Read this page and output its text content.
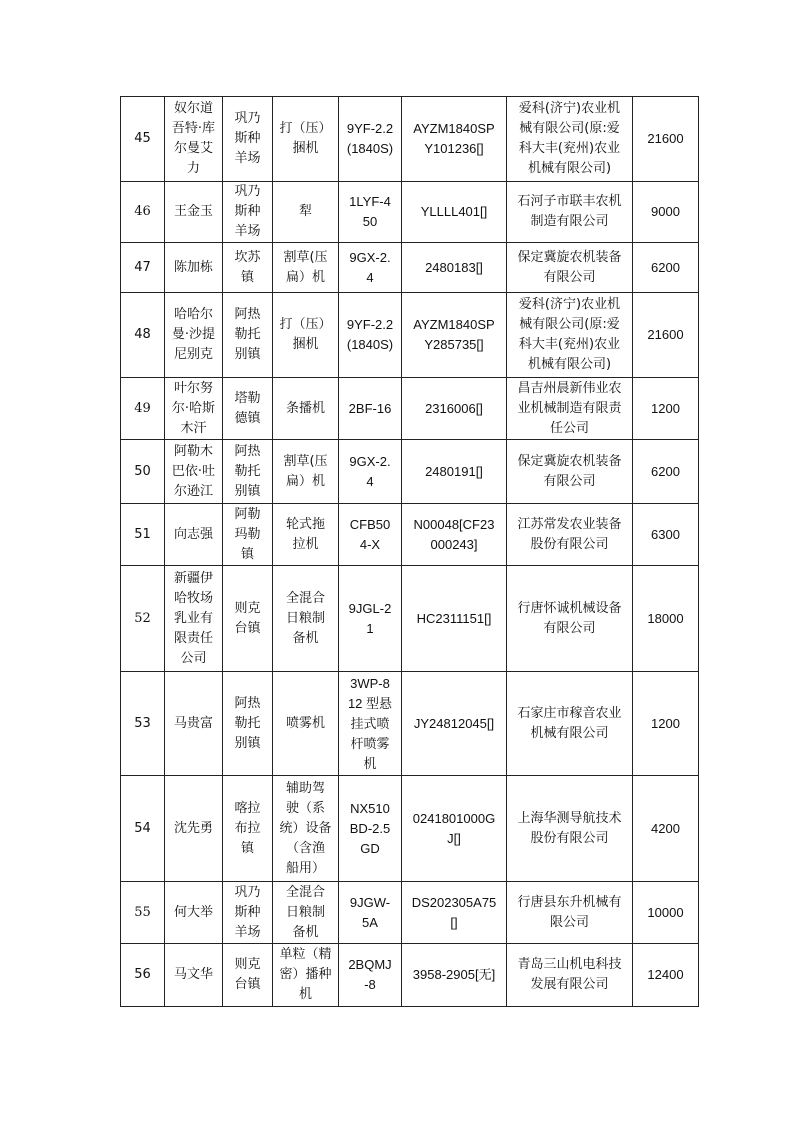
45	奴尔道
吾特·库
尔曼艾
力	巩乃
斯种
羊场	打（压）
捆机	9YF-2.2
(1840S)	AYZM1840SP
Y101236[]	爱科(济宁)农业机
械有限公司(原:爱
科大丰(兖州)农业
机械有限公司)	21600
46	王金玉	巩乃
斯种
羊场	犁	1LYF-4
50	YLLLL401[]	石河子市联丰农机
制造有限公司	9000
47	陈加栋	坎苏
镇	割草(压
扁）机	9GX-2.
4	2480183[]	保定冀旋农机装备
有限公司	6200
48	哈哈尔
曼·沙提
尼别克	阿热
勒托
别镇	打（压）
捆机	9YF-2.2
(1840S)	AYZM1840SP
Y285735[]	爱科(济宁)农业机
械有限公司(原:爱
科大丰(兖州)农业
机械有限公司)	21600
49	叶尔努
尔·哈斯
木汗	塔勒
德镇	条播机	2BF-16	2316006[]	昌吉州晨新伟业农
业机械制造有限责
任公司	1200
50	阿勒木
巴依·吐
尔逊江	阿热
勒托
别镇	割草(压
扁）机	9GX-2.
4	2480191[]	保定冀旋农机装备
有限公司	6200
51	向志强	阿勒
玛勒
镇	轮式拖
拉机	CFB50
4-X	N00048[CF23
000243]	江苏常发农业装备
股份有限公司	6300
52	新疆伊
哈牧场
乳业有
限责任
公司	则克
台镇	全混合
日粮制
备机	9JGL-2
1	HC2311151[]	行唐怀诚机械设备
有限公司	18000
53	马贵富	阿热
勒托
别镇	喷雾机	3WP-8
12 型悬
挂式喷
杆喷雾
机	JY24812045[]	石家庄市稼音农业
机械有限公司	1200
54	沈先勇	喀拉
布拉
镇	辅助驾
驶（系
统）设备
（含渔
船用）	NX510
BD-2.5
GD	0241801000G
J[]	上海华测导航技术
股份有限公司	4200
55	何大举	巩乃
斯种
羊场	全混合
日粮制
备机	9JGW-
5A	DS202305A75
[]	行唐县东升机械有
限公司	10000
56	马文华	则克
台镇	单粒（精
密）播种
机	2BQMJ
-8	3958-2905[无]	青岛三山机电科技
发展有限公司	12400
